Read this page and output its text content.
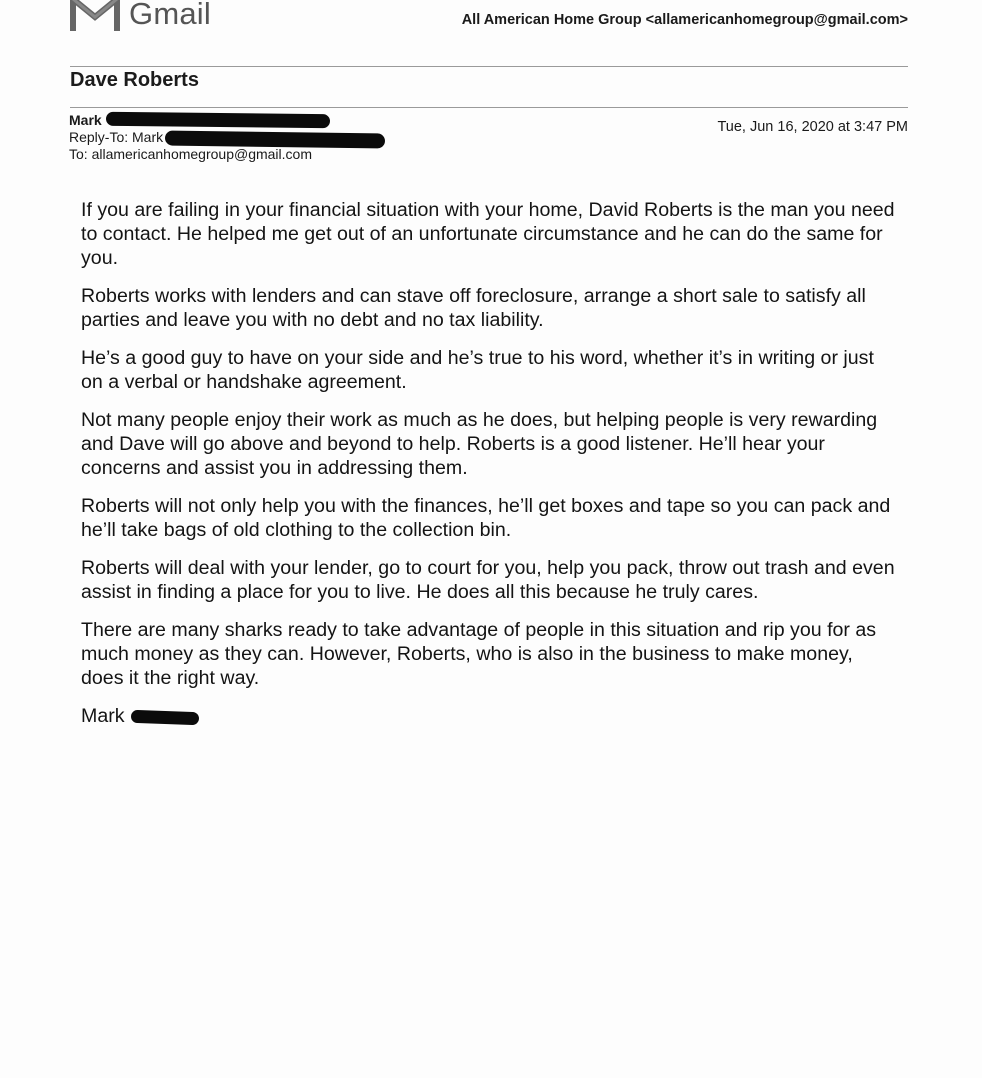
Gmail	All American Home Group <allamericanhomegroup@gmail.com>
Dave Roberts
Mark
Reply-To: Mark
To: allamericanhomegroup@gmail.com
Tue, Jun 16, 2020 at 3:47 PM

If you are failing in your financial situation with your home, David Roberts is the man you need to contact. He helped me get out of an unfortunate circumstance and he can do the same for you.

Roberts works with lenders and can stave off foreclosure, arrange a short sale to satisfy all parties and leave you with no debt and no tax liability.

He’s a good guy to have on your side and he’s true to his word, whether it’s in writing or just on a verbal or handshake agreement.

Not many people enjoy their work as much as he does, but helping people is very rewarding and Dave will go above and beyond to help. Roberts is a good listener. He’ll hear your concerns and assist you in addressing them.

Roberts will not only help you with the finances, he’ll get boxes and tape so you can pack and he’ll take bags of old clothing to the collection bin.

Roberts will deal with your lender, go to court for you, help you pack, throw out trash and even assist in finding a place for you to live. He does all this because he truly cares.

There are many sharks ready to take advantage of people in this situation and rip you for as much money as they can. However, Roberts, who is also in the business to make money, does it the right way.

Mark
